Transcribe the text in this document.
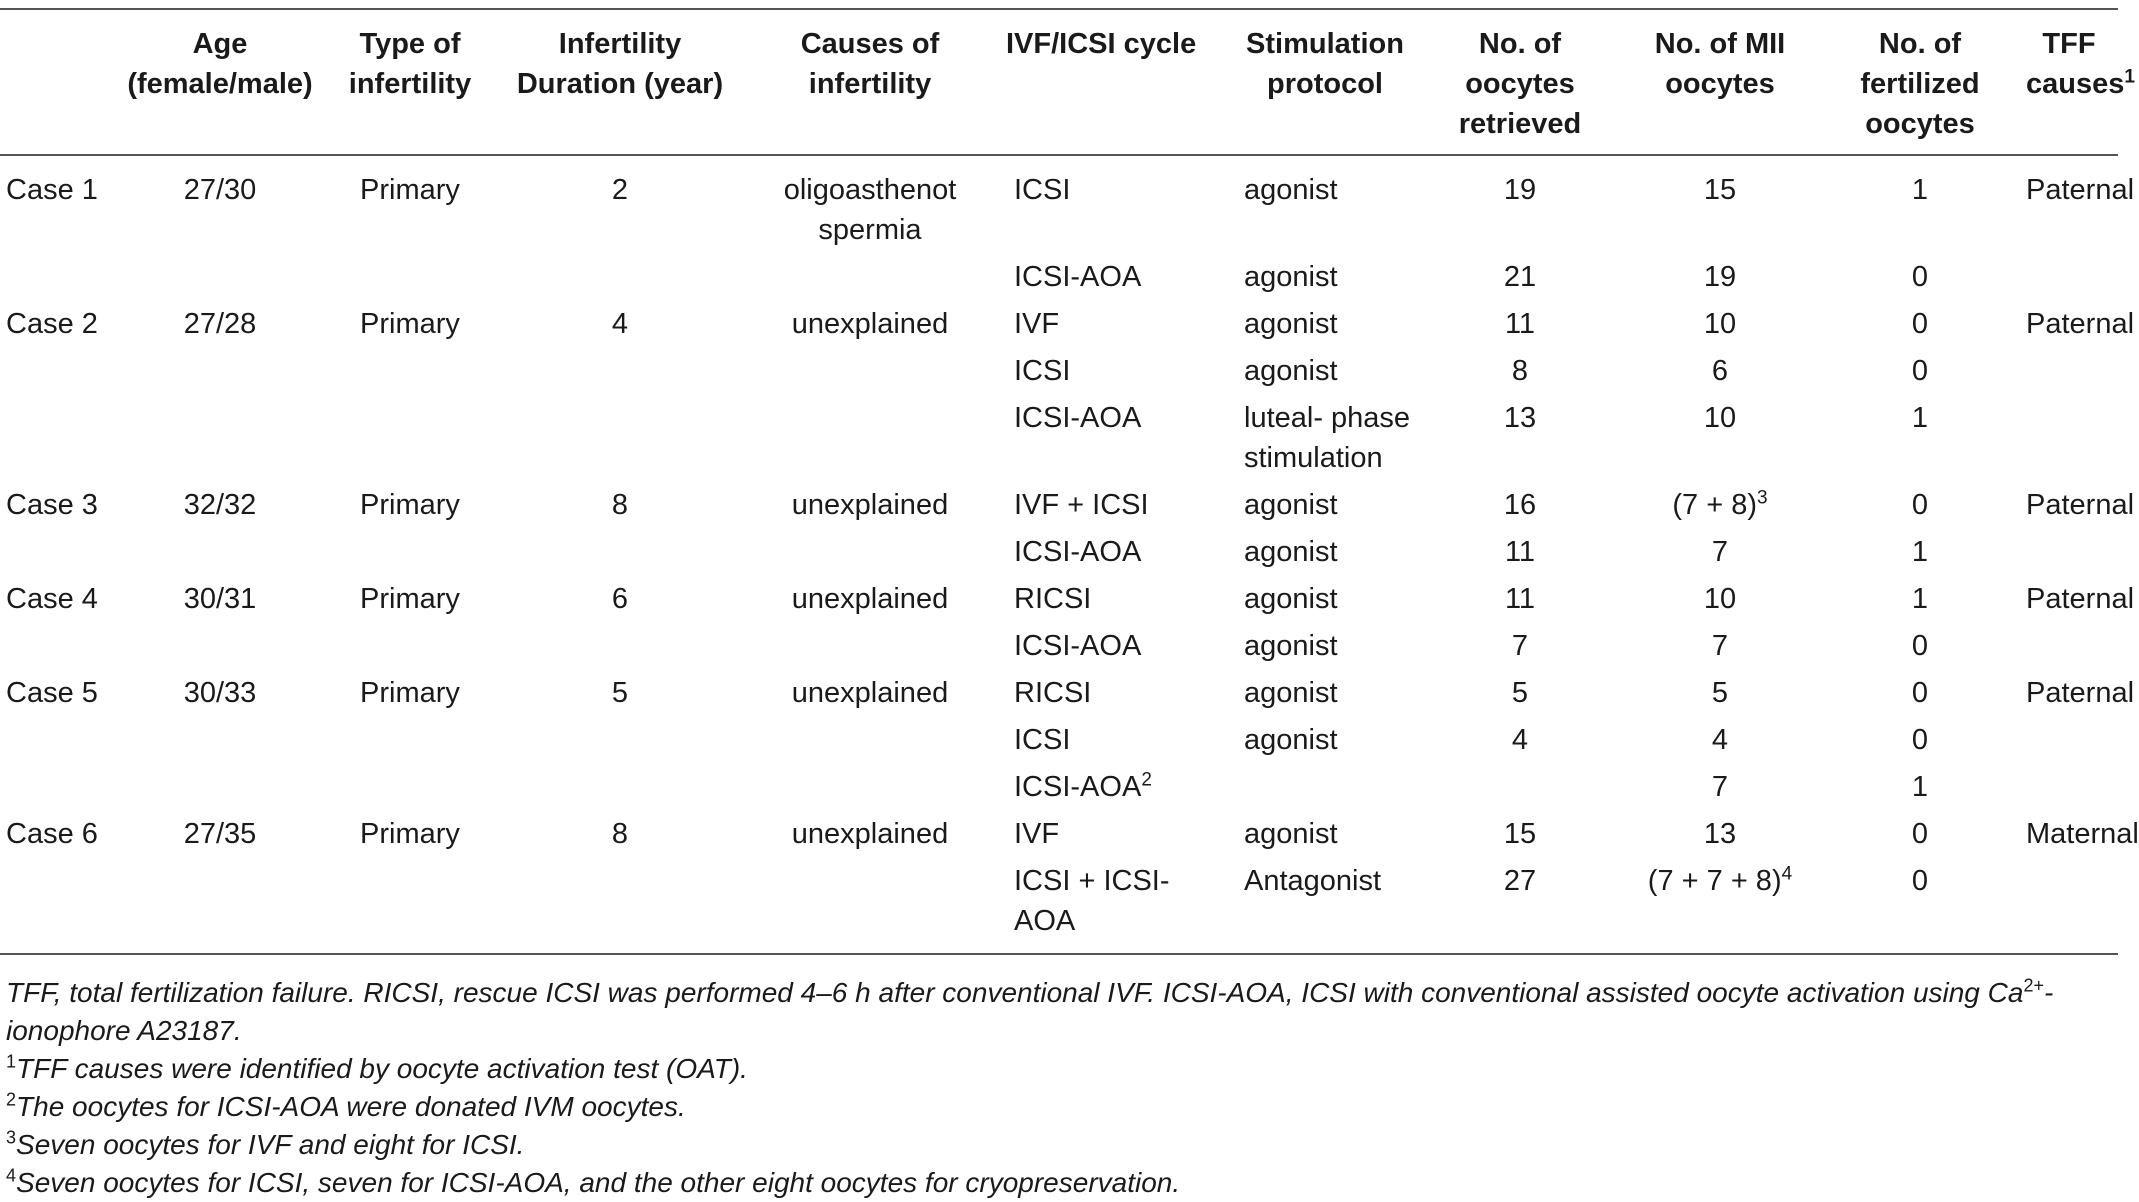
	Age (female/male)	Type of infertility	Infertility Duration (year)	Causes of infertility	IVF/ICSI cycle	Stimulation protocol	No. of oocytes retrieved	No. of MII oocytes	No. of fertilized oocytes	TFF causes$^1$
Case 1	27/30	Primary	2	oligoasthenot spermia	ICSI	agonist	19	15	1	Paternal
					ICSI-AOA	agonist	21	19	0	
Case 2	27/28	Primary	4	unexplained	IVF	agonist	11	10	0	Paternal
					ICSI	agonist	8	6	0	
					ICSI-AOA	luteal- phase stimulation	13	10	1	
Case 3	32/32	Primary	8	unexplained	IVF + ICSI	agonist	16	$(7 + 8)^3$	0	Paternal
					ICSI-AOA	agonist	11	7	1	
Case 4	30/31	Primary	6	unexplained	RICSI	agonist	11	10	1	Paternal
					ICSI-AOA	agonist	7	7	0	
Case 5	30/33	Primary	5	unexplained	RICSI	agonist	5	5	0	Paternal
					ICSI	agonist	4	4	0	
					ICSI-AOA$^2$			7	1	
Case 6	27/35	Primary	8	unexplained	IVF	agonist	15	13	0	Maternal
					ICSI + ICSI-AOA	Antagonist	27	$(7 + 7 + 8)^4$	0	

TFF, total fertilization failure. RICSI, rescue ICSI was performed 4–6 h after conventional IVF. ICSI-AOA, ICSI with conventional assisted oocyte activation using $Ca^{2+}$-ionophore A23187.

$^1$TFF causes were identified by oocyte activation test (OAT).

$^2$The oocytes for ICSI-AOA were donated IVM oocytes.

$^3$Seven oocytes for IVF and eight for ICSI.

$^4$Seven oocytes for ICSI, seven for ICSI-AOA, and the other eight oocytes for cryopreservation.
